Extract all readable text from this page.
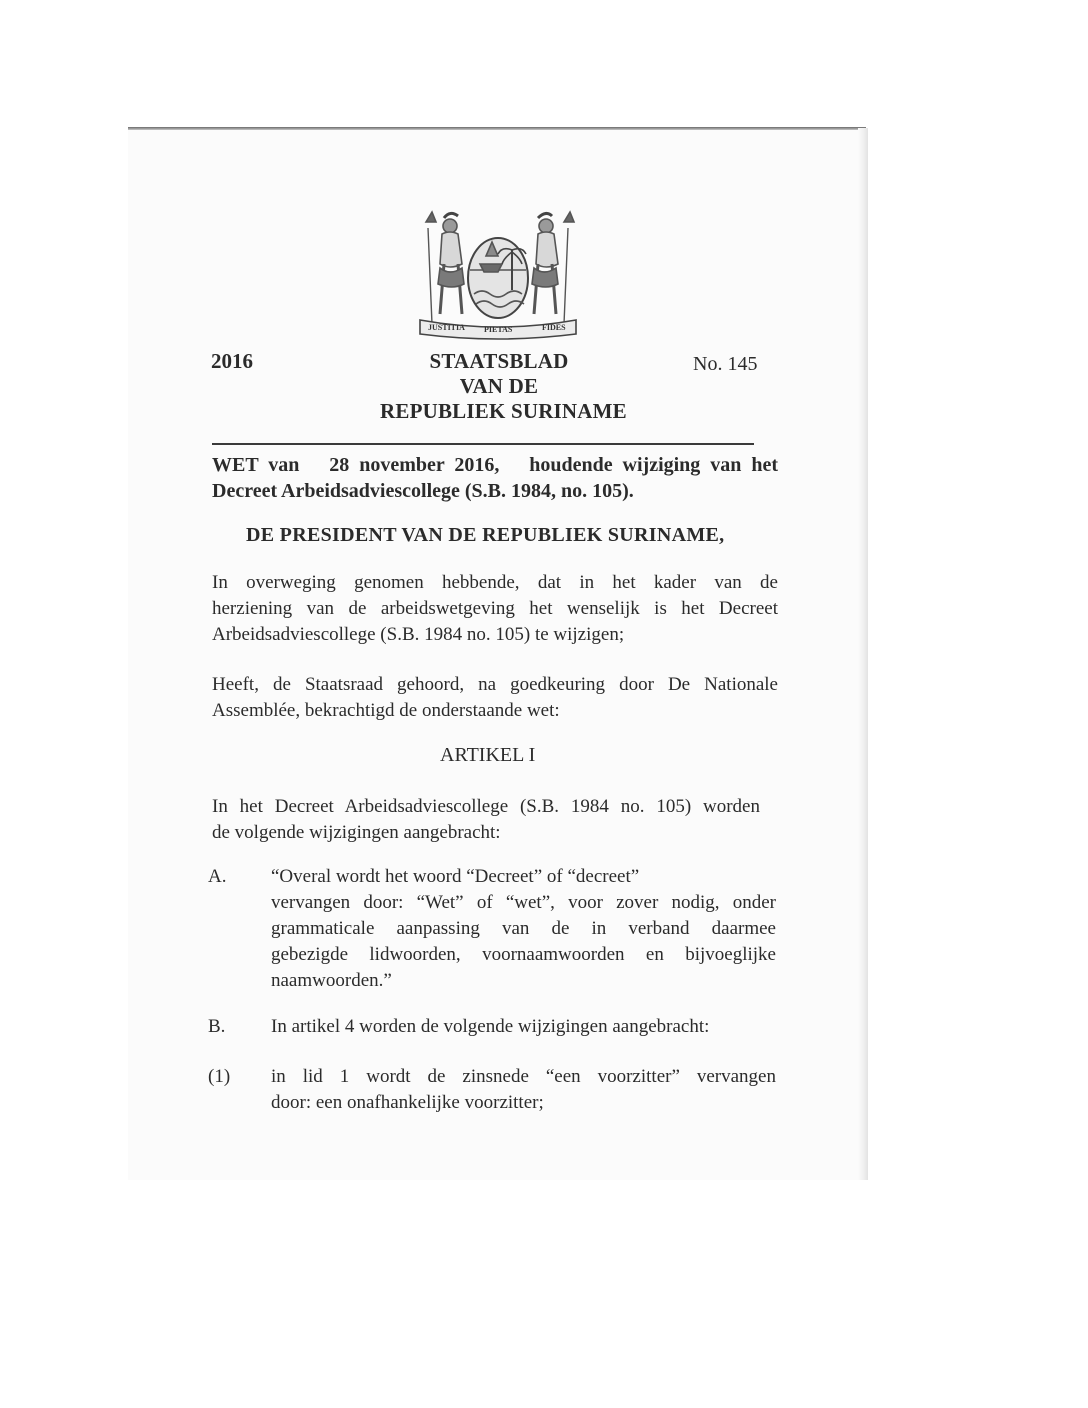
JUSTITIA PIETAS	FIDES
2016	No. 145
STAATSBLAD
VAN DE
REPUBLIEK SURINAME
WET van   28 november 2016,   houdende wijziging van het
Decreet Arbeidsadviescollege (S.B. 1984, no. 105).
DE PRESIDENT VAN DE REPUBLIEK SURINAME,
In overweging genomen hebbende, dat in het kader van de
herziening van de arbeidswetgeving het wenselijk is het Decreet
Arbeidsadviescollege (S.B. 1984 no. 105) te wijzigen;
Heeft, de Staatsraad gehoord, na goedkeuring door De Nationale
Assemblée, bekrachtigd de onderstaande wet:
ARTIKEL I
In het Decreet Arbeidsadviescollege (S.B. 1984 no. 105) worden
de volgende wijzigingen aangebracht:
A. “Overal wordt het woord “Decreet” of “decreet”
vervangen door: “Wet” of “wet”, voor zover nodig, onder
grammaticale aanpassing van de in verband daarmee
gebezigde lidwoorden, voornaamwoorden en bijvoeglijke
naamwoorden.”
B. In artikel 4 worden de volgende wijzigingen aangebracht:
(1) in lid 1 wordt de zinsnede “een voorzitter” vervangen
door: een onafhankelijke voorzitter;
